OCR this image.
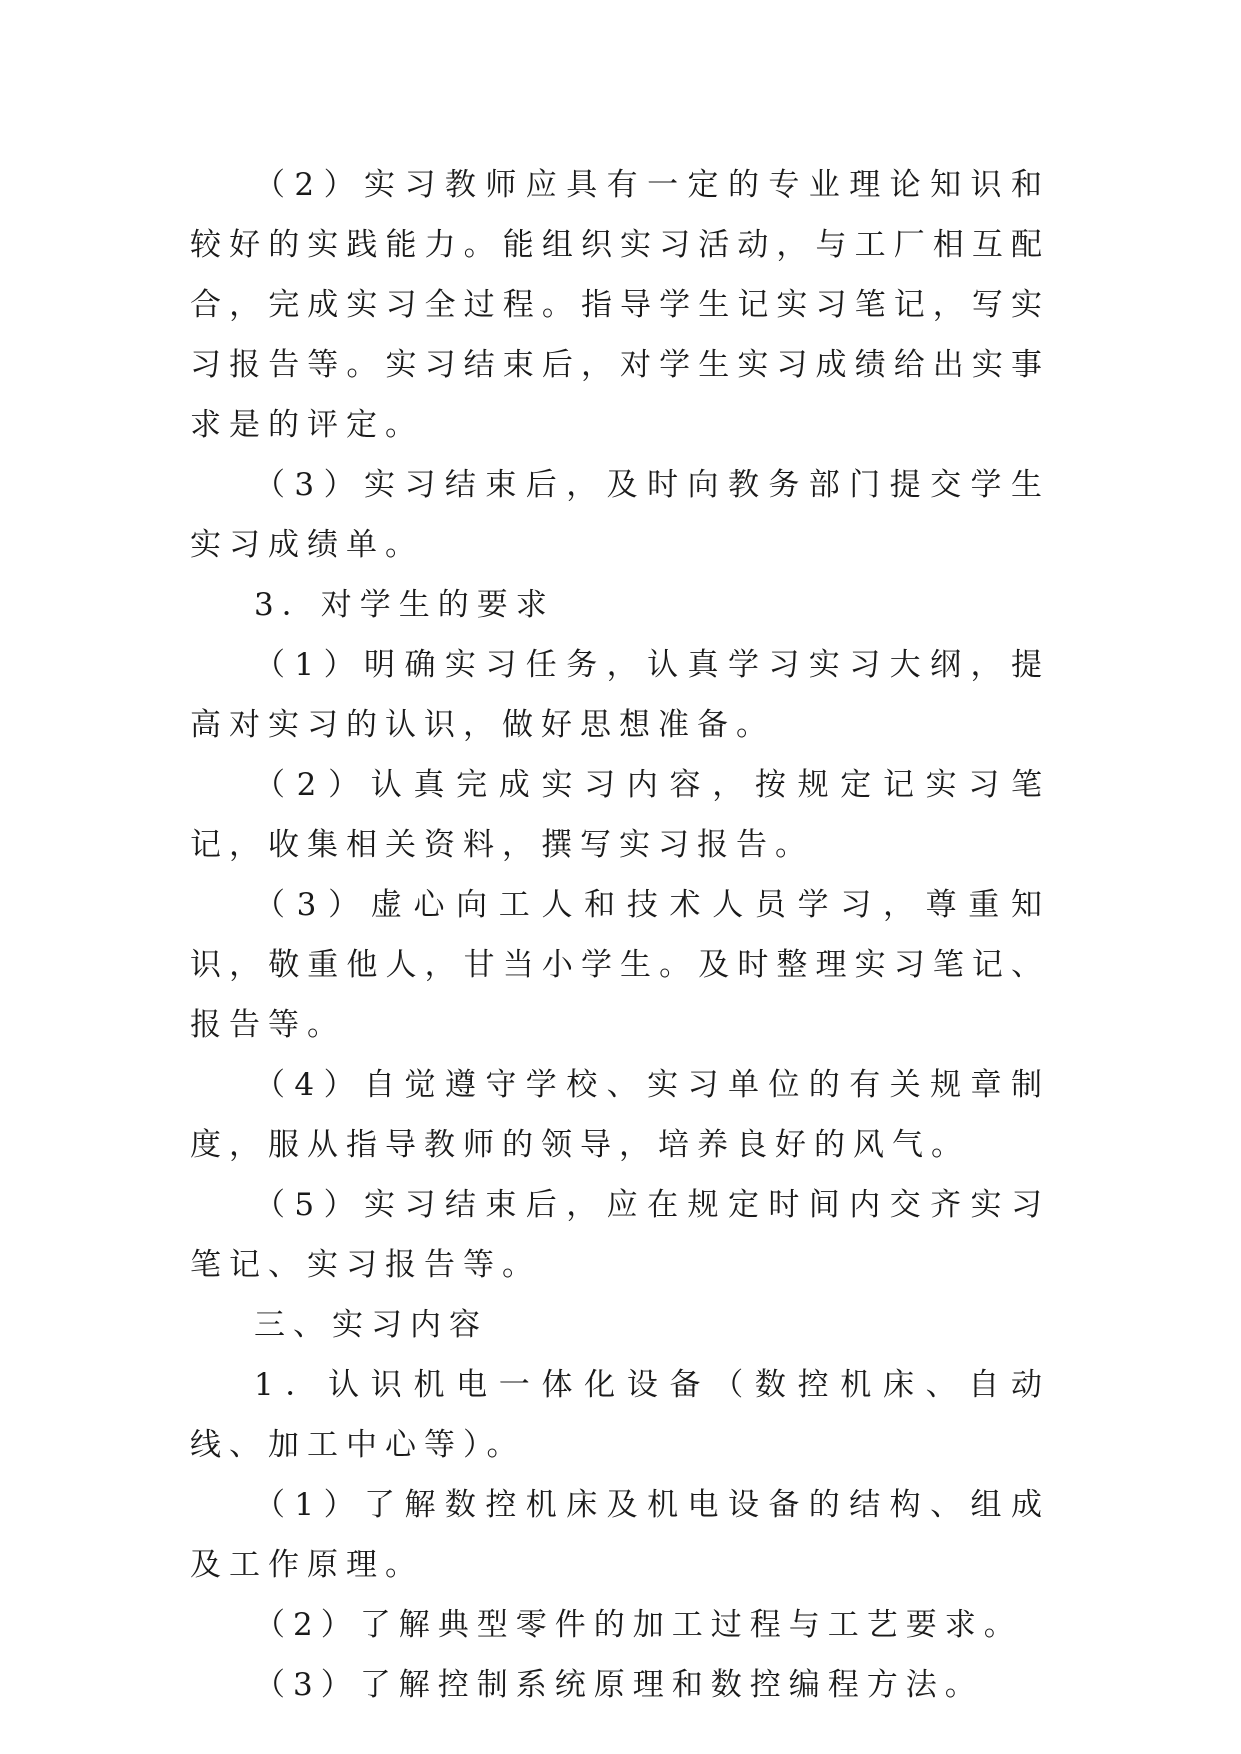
（2）实习教师应具有一定的专业理论知识和较好的实践能力。能组织实习活动，与工厂相互配合，完成实习全过程。指导学生记实习笔记，写实习报告等。实习结束后，对学生实习成绩给出实事求是的评定。

（3）实习结束后，及时向教务部门提交学生实习成绩单。

3．对学生的要求

（1）明确实习任务，认真学习实习大纲，提高对实习的认识，做好思想准备。

（2）认真完成实习内容，按规定记实习笔记，收集相关资料，撰写实习报告。

（3）虚心向工人和技术人员学习，尊重知识，敬重他人，甘当小学生。及时整理实习笔记、报告等。

（4）自觉遵守学校、实习单位的有关规章制度，服从指导教师的领导，培养良好的风气。

（5）实习结束后，应在规定时间内交齐实习笔记、实习报告等。

三、实习内容

1．认识机电一体化设备（数控机床、自动线、加工中心等）。

（1）了解数控机床及机电设备的结构、组成及工作原理。

（2）了解典型零件的加工过程与工艺要求。

（3）了解控制系统原理和数控编程方法。
